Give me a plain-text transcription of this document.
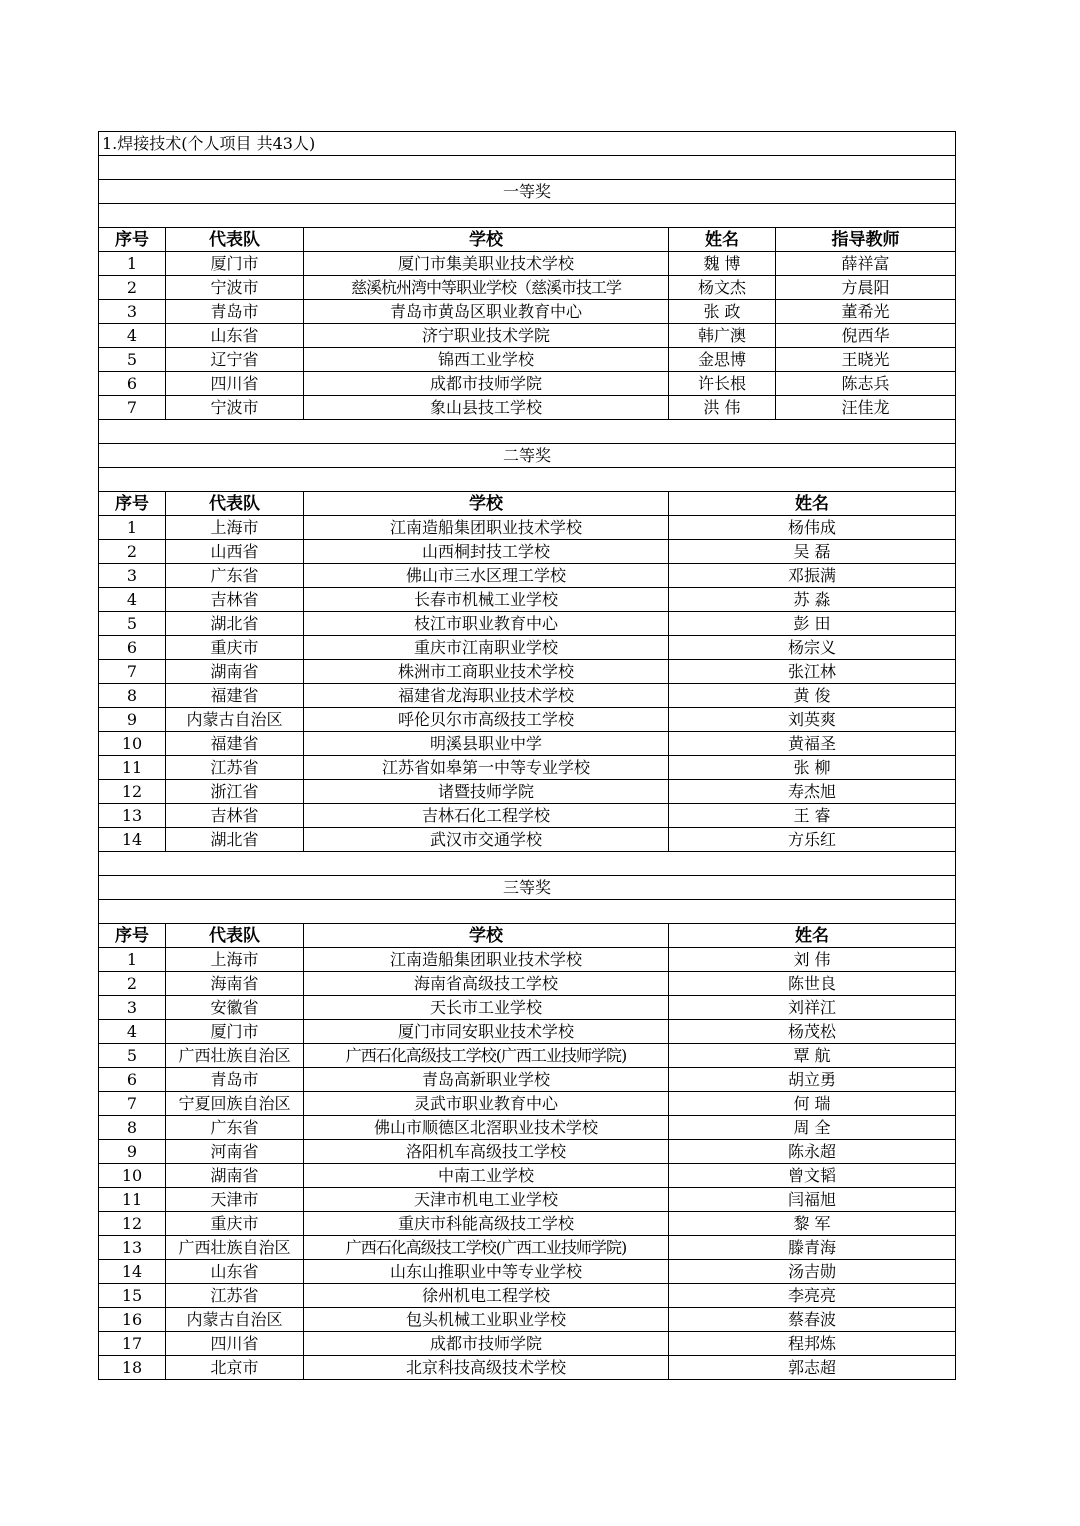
1.焊接技术(个人项目 共43人)				

一等奖				

序号	代表队	学校	姓名	指导教师
1	厦门市	厦门市集美职业技术学校	魏 博	薛祥富
2	宁波市	慈溪杭州湾中等职业学校（慈溪市技工学	杨文杰	方晨阳
3	青岛市	青岛市黄岛区职业教育中心	张 政	董希光
4	山东省	济宁职业技术学院	韩广澳	倪西华
5	辽宁省	锦西工业学校	金思博	王晓光
6	四川省	成都市技师学院	许长根	陈志兵
7	宁波市	象山县技工学校	洪 伟	汪佳龙

二等奖				

序号	代表队	学校	姓名	
1	上海市	江南造船集团职业技术学校	杨伟成	
2	山西省	山西桐封技工学校	吴 磊	
3	广东省	佛山市三水区理工学校	邓振满	
4	吉林省	长春市机械工业学校	苏 淼	
5	湖北省	枝江市职业教育中心	彭 田	
6	重庆市	重庆市江南职业学校	杨宗义	
7	湖南省	株洲市工商职业技术学校	张江林	
8	福建省	福建省龙海职业技术学校	黄 俊	
9	内蒙古自治区	呼伦贝尔市高级技工学校	刘英爽	
10	福建省	明溪县职业中学	黄福圣	
11	江苏省	江苏省如皋第一中等专业学校	张 柳	
12	浙江省	诸暨技师学院	寿杰旭	
13	吉林省	吉林石化工程学校	王 睿	
14	湖北省	武汉市交通学校	方乐红	

三等奖				

序号	代表队	学校	姓名	
1	上海市	江南造船集团职业技术学校	刘 伟	
2	海南省	海南省高级技工学校	陈世良	
3	安徽省	天长市工业学校	刘祥江	
4	厦门市	厦门市同安职业技术学校	杨茂松	
5	广西壮族自治区	广西石化高级技工学校(广西工业技师学院)	覃 航	
6	青岛市	青岛高新职业学校	胡立勇	
7	宁夏回族自治区	灵武市职业教育中心	何 瑞	
8	广东省	佛山市顺德区北滘职业技术学校	周 全	
9	河南省	洛阳机车高级技工学校	陈永超	
10	湖南省	中南工业学校	曾文韬	
11	天津市	天津市机电工业学校	闫福旭	
12	重庆市	重庆市科能高级技工学校	黎 军	
13	广西壮族自治区	广西石化高级技工学校(广西工业技师学院)	滕青海	
14	山东省	山东山推职业中等专业学校	汤吉勋	
15	江苏省	徐州机电工程学校	李亮亮	
16	内蒙古自治区	包头机械工业职业学校	蔡春波	
17	四川省	成都市技师学院	程邦炼	
18	北京市	北京科技高级技术学校	郭志超	
